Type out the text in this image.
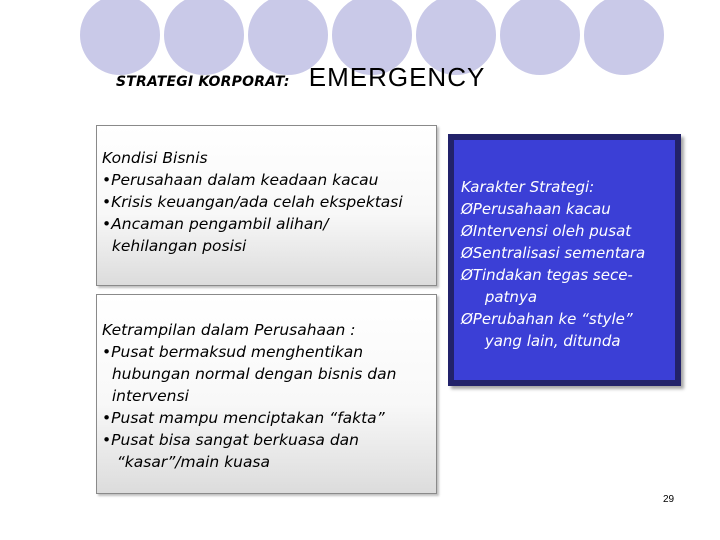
STRATEGI KORPORAT: EMERGENCY
Kondisi Bisnis
•Perusahaan dalam keadaan kacau
•Krisis keuangan/ada celah ekspektasi
•Ancaman pengambil alihan/
kehilangan posisi
Ketrampilan dalam Perusahaan :
•Pusat bermaksud menghentikan
hubungan normal dengan bisnis dan
intervensi
•Pusat mampu menciptakan “fakta”
•Pusat bisa sangat berkuasa dan
“kasar”/main kuasa
Karakter Strategi:
ØPerusahaan kacau
ØIntervensi oleh pusat
ØSentralisasi sementara
ØTindakan tegas sece-
patnya
ØPerubahan ke “style”
yang lain, ditunda
29
